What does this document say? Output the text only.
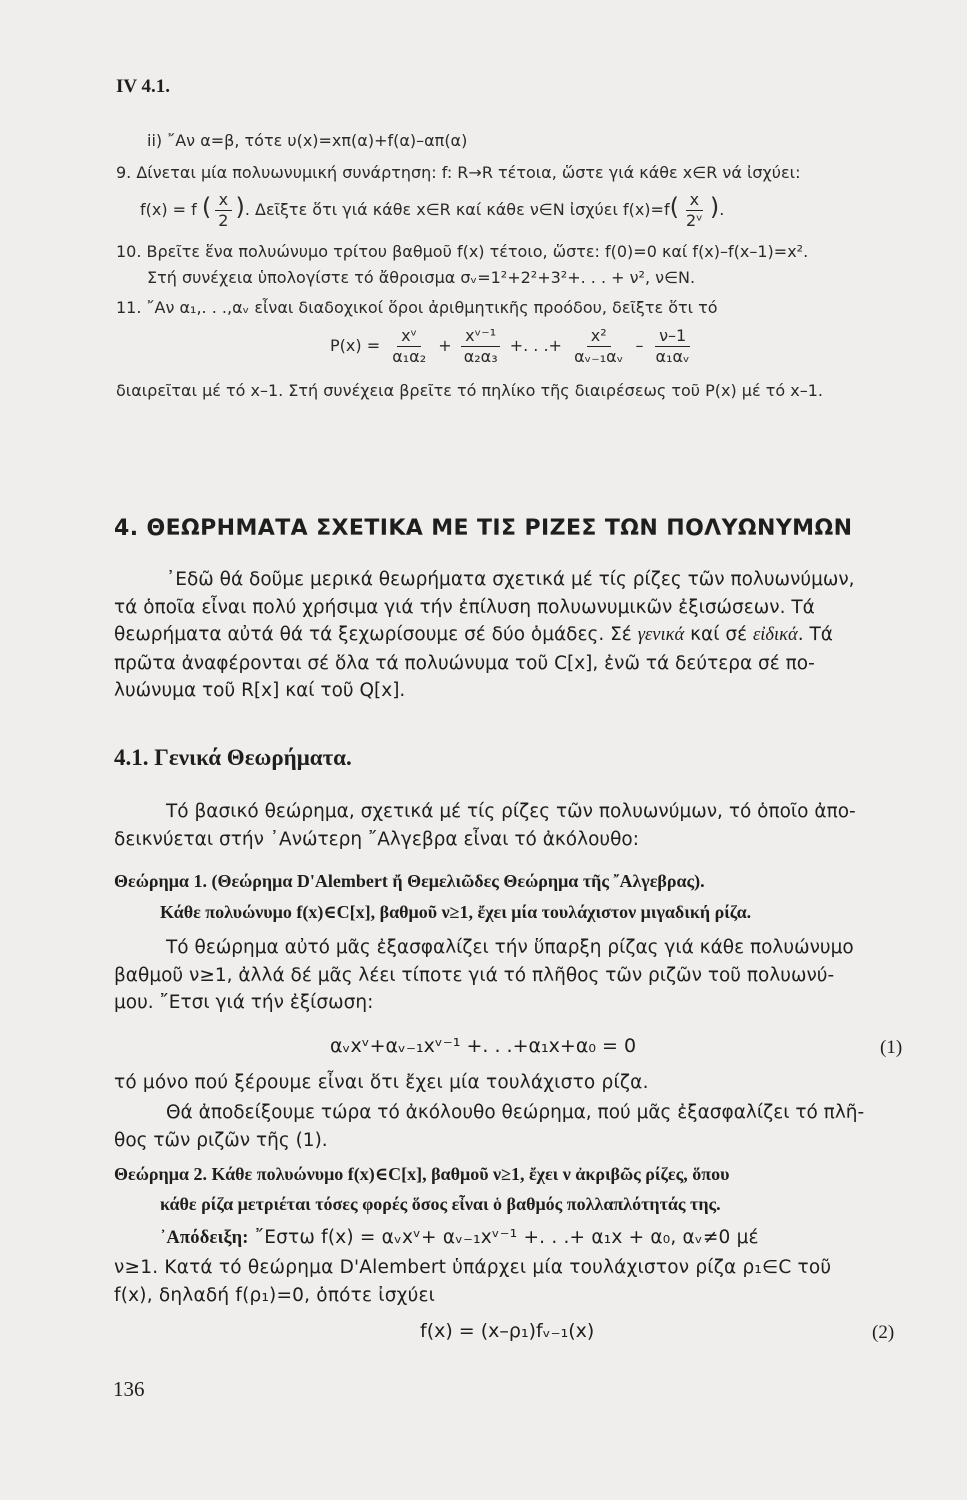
IV 4.1.
ii) ῎Αν α=β, τότε υ(x)=xπ(α)+f(α)–απ(α)
9. Δίνεται μία πολυωνυμική συνάρτηση: f: R→R τέτοια, ὥστε γιά κάθε x∈R νά ἰσχύει:
f(x) = f ( $\frac{x}{2}$ ). Δεῖξτε ὅτι γιά κάθε x∈R καί κάθε ν∈N ἰσχύει $f(x)=f( \frac{x}{\text{2ᵛ}}$ ).
10. Βρεῖτε ἕνα πολυώνυμο τρίτου βαθμοῦ f(x) τέτοιο, ὥστε: f(0)=0 καί f(x)–f(x–1)=x².
Στή συνέχεια ὑπολογίστε τό ἄθροισμα σᵥ=1²+2²+3²+. . . + ν², ν∈N.
11. ῎Αν α₁,. . .,αᵥ εἶναι διαδοχικοί ὅροι ἀριθμητικῆς προόδου, δεῖξτε ὅτι τό
$P(x) = \frac{\text{xᵛ}}{\text{α₁α₂}} + \frac{\text{xᵛ⁻¹}}{\text{α₂α₃}}$ +. . .+ $\frac{\text{x²}}{\text{αᵥ₋₁αᵥ}} - \frac{\nu-1}{\text{α₁αᵥ}}$
διαιρεῖται μέ τό x–1. Στή συνέχεια βρεῖτε τό πηλίκο τῆς διαιρέσεως τοῦ P(x) μέ τό x–1.
4. ΘΕΩΡΗΜΑΤΑ ΣΧΕΤΙΚΑ ΜΕ ΤΙΣ ΡΙΖΕΣ ΤΩΝ ΠΟΛΥΩΝΥΜΩΝ
᾿Εδῶ θά δοῦμε μερικά θεωρήματα σχετικά μέ τίς ρίζες τῶν πολυωνύμων,
τά ὁποῖα εἶναι πολύ χρήσιμα γιά τήν ἐπίλυση πολυωνυμικῶν ἐξισώσεων. Τά
θεωρήματα αὐτά θά τά ξεχωρίσουμε σέ δύο ὁμάδες. Σέ γενικά καί σέ εἰδικά. Τά
πρῶτα ἀναφέρονται σέ ὅλα τά πολυώνυμα τοῦ C[x], ἐνῶ τά δεύτερα σέ πο-
λυώνυμα τοῦ R[x] καί τοῦ Q[x].
4.1. Γενικά Θεωρήματα.
Τό βασικό θεώρημα, σχετικά μέ τίς ρίζες τῶν πολυωνύμων, τό ὁποῖο ἀπο-
δεικνύεται στήν ᾿Ανώτερη ῎Αλγεβρα εἶναι τό ἀκόλουθο:
Θεώρημα 1. (Θεώρημα D'Alembert ἤ Θεμελιῶδες Θεώρημα τῆς ῎Αλγεβρας).
Κάθε πολυώνυμο f(x)∈C[x], βαθμοῦ ν≥1, ἔχει μία τουλάχιστον μιγαδική ρίζα.
Τό θεώρημα αὐτό μᾶς ἐξασφαλίζει τήν ὕπαρξη ρίζας γιά κάθε πολυώνυμο
βαθμοῦ ν≥1, ἀλλά δέ μᾶς λέει τίποτε γιά τό πλῆθος τῶν ριζῶν τοῦ πολυωνύ-
μου. ῎Ετσι γιά τήν ἐξίσωση:
αᵥxᵛ+αᵥ₋₁xᵛ⁻¹ +. . .+α₁x+α₀ = 0	(1)
τό μόνο πού ξέρουμε εἶναι ὅτι ἔχει μία τουλάχιστο ρίζα.
Θά ἀποδείξουμε τώρα τό ἀκόλουθο θεώρημα, πού μᾶς ἐξασφαλίζει τό πλῆ-
θος τῶν ριζῶν τῆς (1).
Θεώρημα 2. Κάθε πολυώνυμο f(x)∈C[x], βαθμοῦ ν≥1, ἔχει ν ἀκριβῶς ρίζες, ὅπου
κάθε ρίζα μετριέται τόσες φορές ὅσος εἶναι ὁ βαθμός πολλαπλότητάς της.
᾿Απόδειξη: ῎Εστω f(x) = αᵥxᵛ+ αᵥ₋₁xᵛ⁻¹ +. . .+ α₁x + α₀, αᵥ≠0 μέ
ν≥1. Κατά τό θεώρημα D'Alembert ὑπάρχει μία τουλάχιστον ρίζα ρ₁∈C τοῦ
f(x), δηλαδή f(ρ₁)=0, ὁπότε ἰσχύει
f(x) = (x–ρ₁)fᵥ₋₁(x)	(2)
136
